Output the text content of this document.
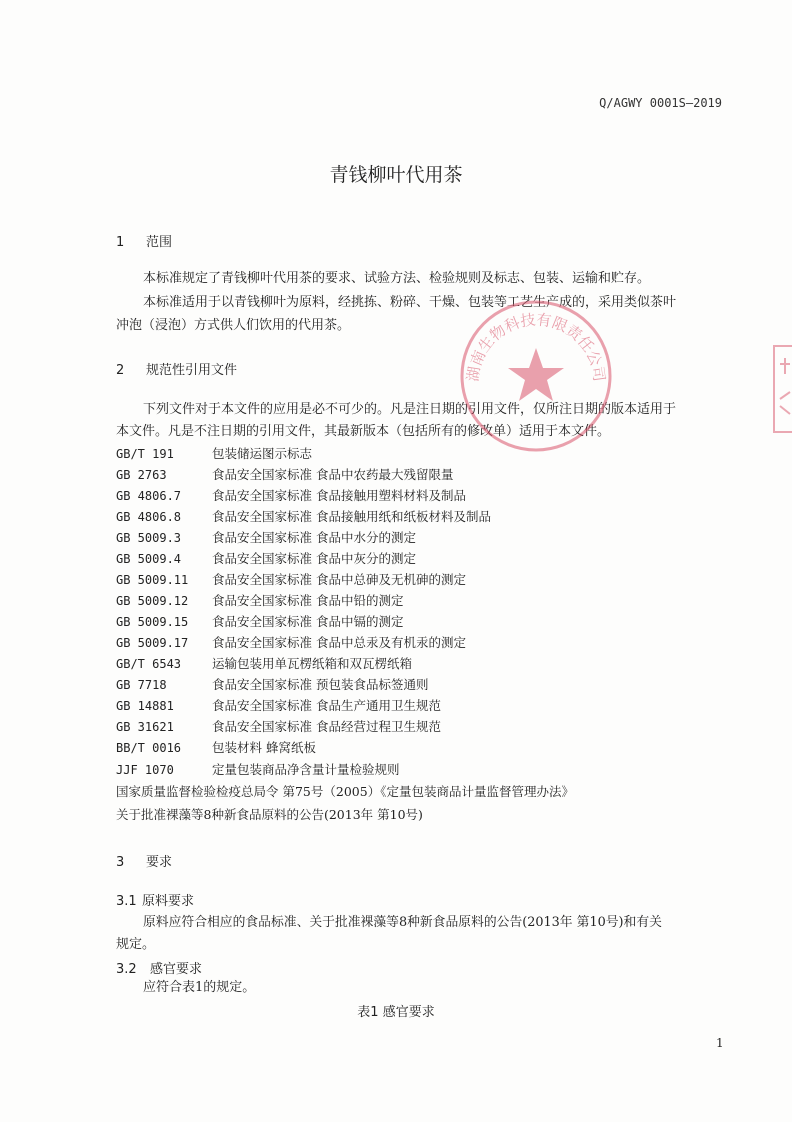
Q/AGWY 0001S—2019
青钱柳叶代用茶
1 范围
本标准规定了青钱柳叶代用茶的要求、试验方法、检验规则及标志、包装、运输和贮存。
本标准适用于以青钱柳叶为原料，经挑拣、粉碎、干燥、包装等工艺生产成的，采用类似茶叶
冲泡（浸泡）方式供人们饮用的代用茶。
2 规范性引用文件
下列文件对于本文件的应用是必不可少的。凡是注日期的引用文件，仅所注日期的版本适用于
本文件。凡是不注日期的引用文件，其最新版本（包括所有的修改单）适用于本文件。
GB/T 191	包装储运图示标志
GB 2763	食品安全国家标准 食品中农药最大残留限量
GB 4806.7 食品安全国家标准 食品接触用塑料材料及制品
GB 4806.8 食品安全国家标准 食品接触用纸和纸板材料及制品
GB 5009.3 食品安全国家标准 食品中水分的测定
GB 5009.4 食品安全国家标准 食品中灰分的测定
GB 5009.11 食品安全国家标准 食品中总砷及无机砷的测定
GB 5009.12 食品安全国家标准 食品中铅的测定
GB 5009.15 食品安全国家标准 食品中镉的测定
GB 5009.17 食品安全国家标准 食品中总汞及有机汞的测定
GB/T 6543 运输包装用单瓦楞纸箱和双瓦楞纸箱
GB 7718	食品安全国家标准 预包装食品标签通则
GB 14881	食品安全国家标准 食品生产通用卫生规范
GB 31621	食品安全国家标准 食品经营过程卫生规范
BB/T 0016 包装材料 蜂窝纸板
JJF 1070	定量包装商品净含量计量检验规则
国家质量监督检验检疫总局令 第75号（2005）《定量包装商品计量监督管理办法》
关于批准裸藻等8种新食品原料的公告(2013年 第10号)
3 要求
3.1 原料要求
原料应符合相应的食品标准、关于批准裸藻等8种新食品原料的公告(2013年 第10号)和有关
规定。
3.2 感官要求
应符合表1的规定。
表1 感官要求
1
湖南生物科技有限责任公司
